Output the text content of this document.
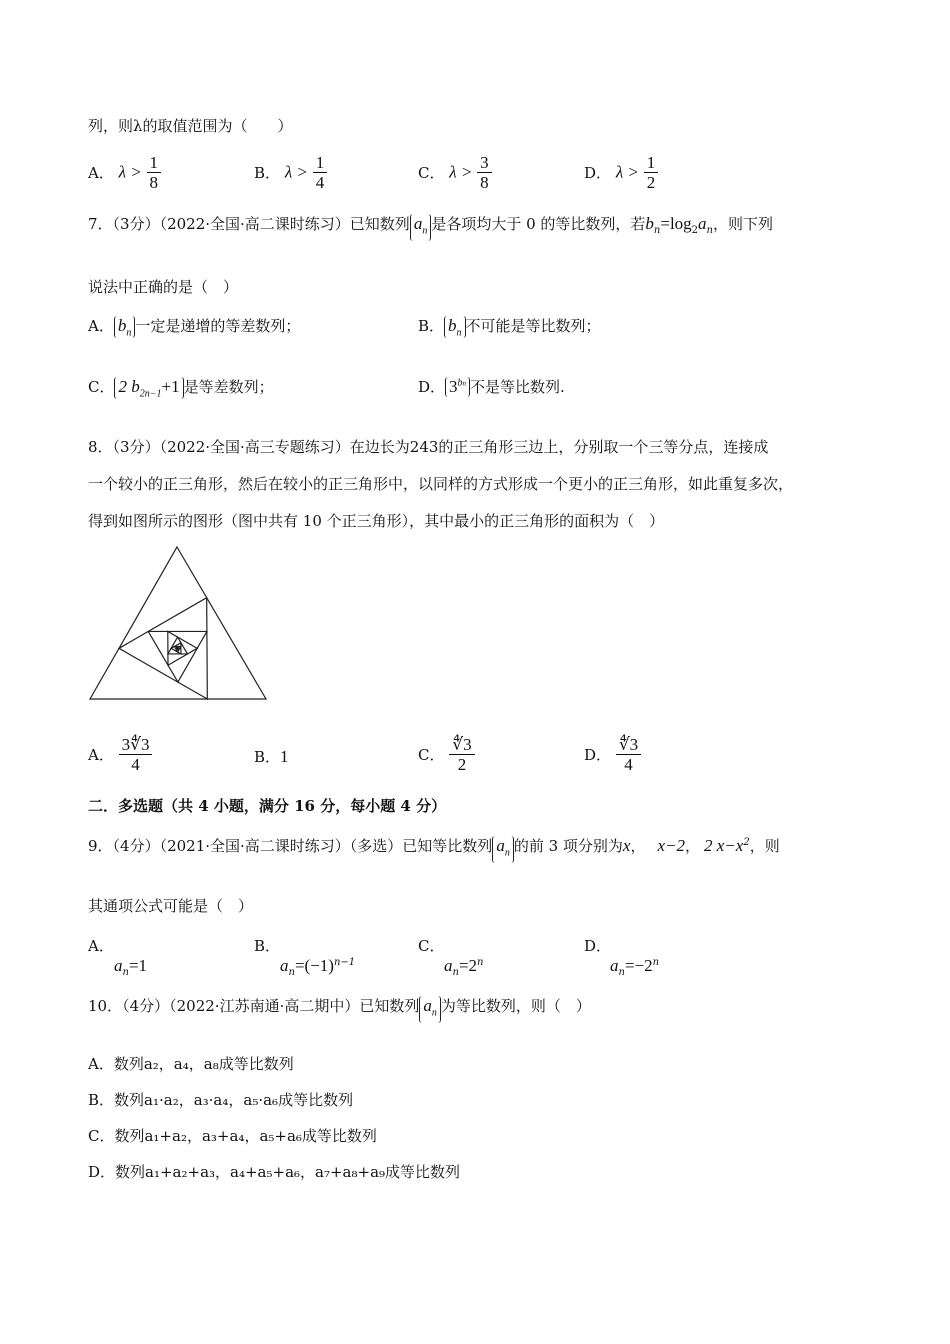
列，则λ的取值范围为（　　）
A． $\lambda > \frac{1}{8}$	B． $\lambda > \frac{1}{4}$	C． $\lambda > \frac{3}{8}$	D． $\lambda > \frac{1}{2}$
7．（3分）（2022·全国·高二课时练习）已知数列 $a_n$ 是各项均大于 0 的等比数列，若$b_n=\log_2a_n$，则下列
说法中正确的是（　）
A． $b_n$ 一定是递增的等差数列；	B． $b_n$ 不可能是等比数列；
C． 2 $b_{2n-1}+1$ 是等差数列；	D． $3^{bn}$ 不是等比数列.
8．（3分）（2022·全国·高三专题练习）在边长为243的正三角形三边上，分别取一个三等分点，连接成
一个较小的正三角形，然后在较小的正三角形中，以同样的方式形成一个更小的正三角形，如此重复多次，
得到如图所示的图形（图中共有 10 个正三角形），其中最小的正三角形的面积为（　）
A． $\frac{3∜3}{4}$	B．1	C． $\frac{∜3}{2}$	D． $\frac{∜3}{4}$
二．多选题（共 4 小题，满分 16 分，每小题 4 分）
9．（4分）（2021·全国·高二课时练习）（多选）已知等比数列 $a_n$ 的前 3 项分别为x， x−2， 2 $x-x^2$，则
其通项公式可能是（　）
A．
$a_n=1$
B．
$a_n=(-1)^{n-1}$
C．
$a_n=2^n$
D．
$a_n=-2^n$
10．（4分）（2022·江苏南通·高二期中）已知数列 $a_n$ 为等比数列，则（　）
A．数列a₂，a₄，a₈成等比数列
B．数列a₁·a₂，a₃·a₄，a₅·a₆成等比数列
C．数列a₁+a₂，a₃+a₄，a₅+a₆成等比数列
D．数列a₁+a₂+a₃，a₄+a₅+a₆，a₇+a₈+a₉成等比数列
